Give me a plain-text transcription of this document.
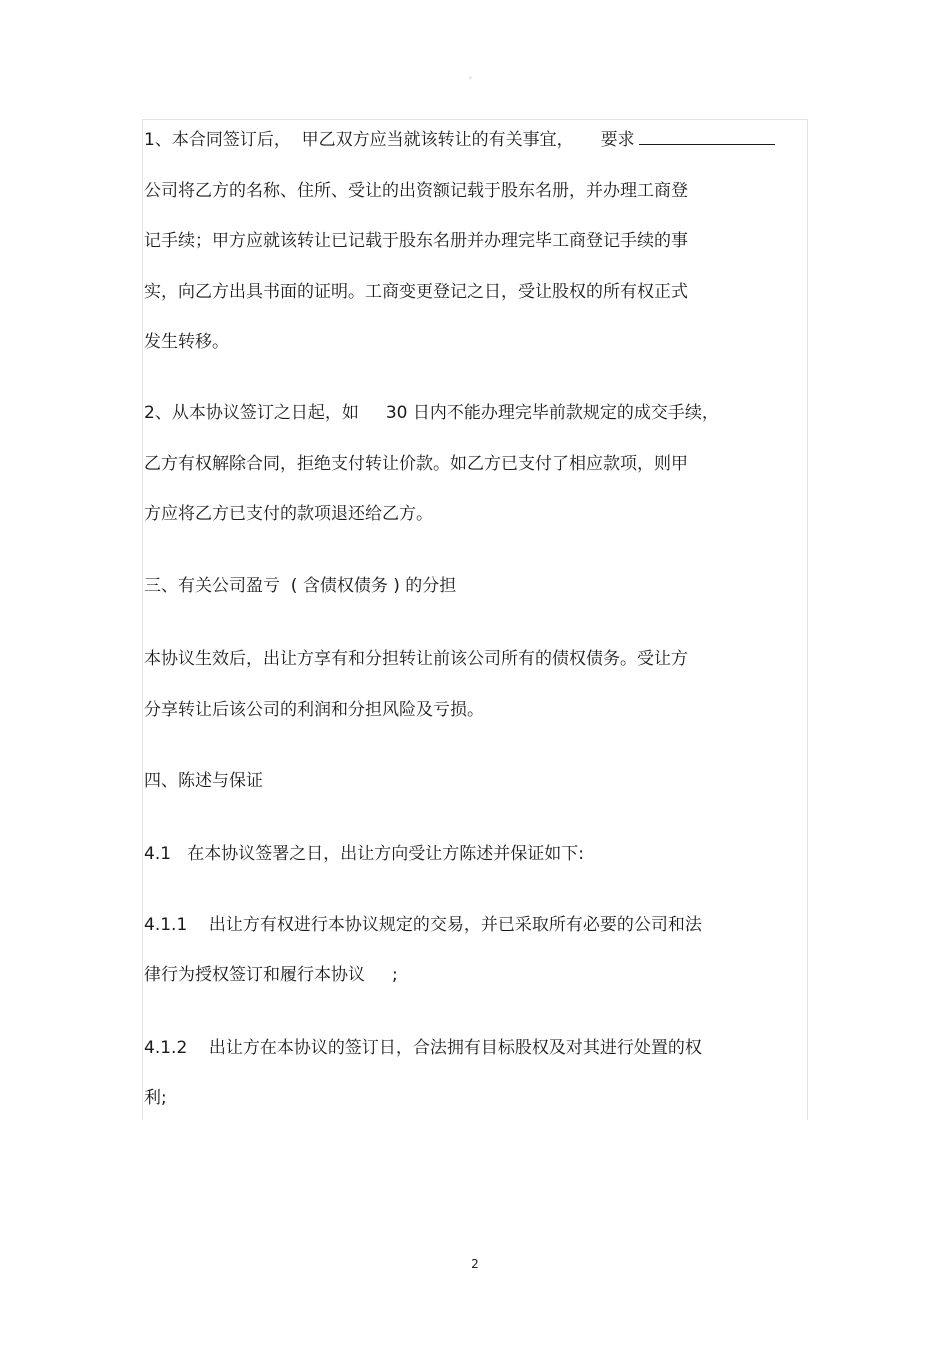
。

1、本合同签订后，  甲乙双方应当就该转让的有关事宜，     要求

公司将乙方的名称、住所、受让的出资额记载于股东名册，并办理工商登

记手续；甲方应就该转让已记载于股东名册并办理完毕工商登记手续的事

实，向乙方出具书面的证明。工商变更登记之日，受让股权的所有权正式

发生转移。

2、从本协议签订之日起，如     30 日内不能办理完毕前款规定的成交手续，

乙方有权解除合同，拒绝支付转让价款。如乙方已支付了相应款项，则甲

方应将乙方已支付的款项退还给乙方。

三、有关公司盈亏  ( 含债权债务 ) 的分担

本协议生效后，出让方享有和分担转让前该公司所有的债权债务。受让方

分享转让后该公司的利润和分担风险及亏损。

四、陈述与保证

4.1   在本协议签署之日，出让方向受让方陈述并保证如下:

4.1.1    出让方有权进行本协议规定的交易，并已采取所有必要的公司和法

律行为授权签订和履行本协议     ;

4.1.2    出让方在本协议的签订日，合法拥有目标股权及对其进行处置的权

利;

2
